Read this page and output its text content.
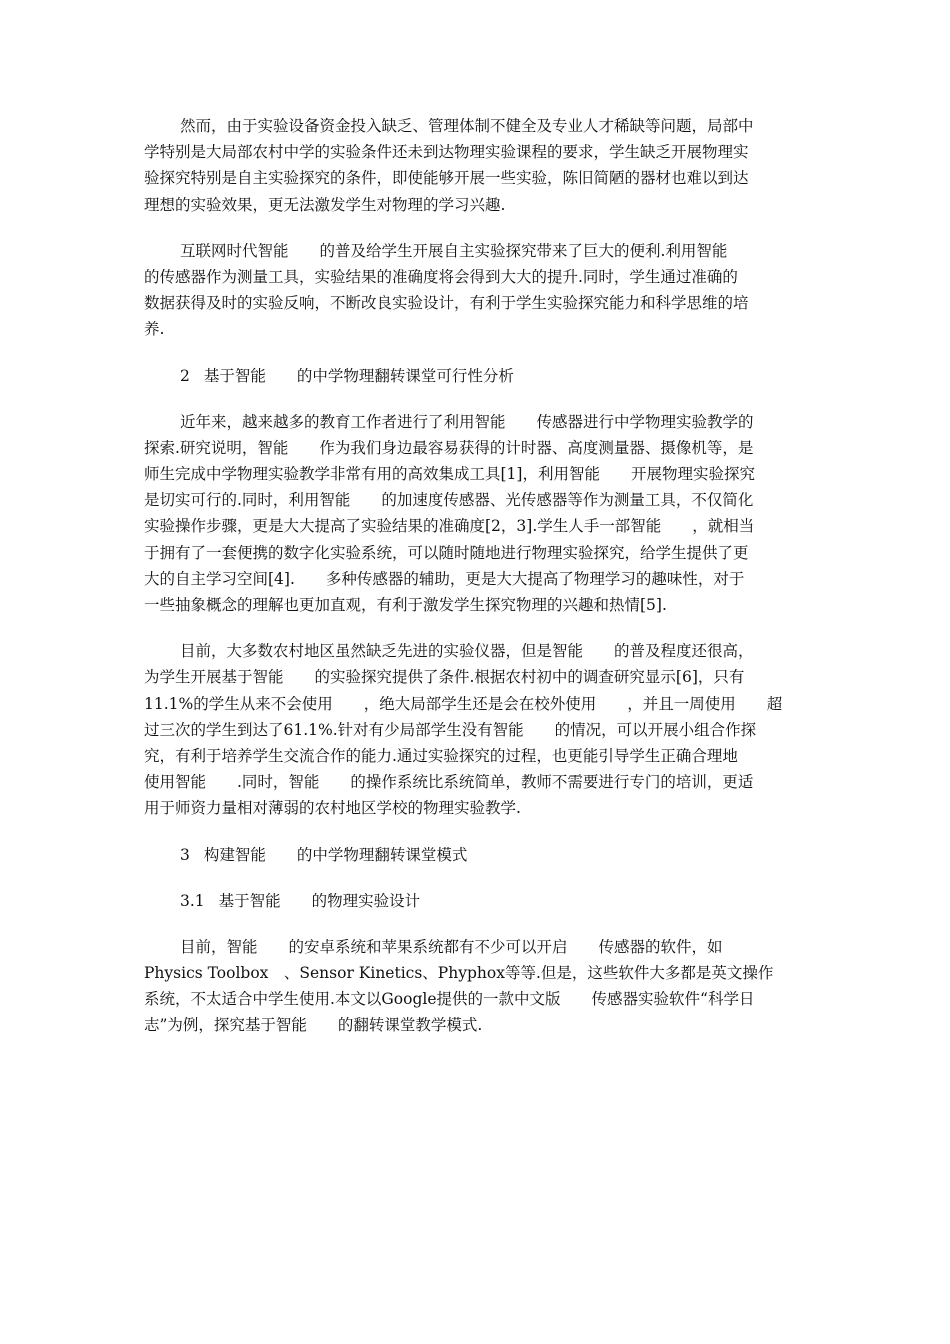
然而，由于实验设备资金投入缺乏、管理体制不健全及专业人才稀缺等问题，局部中
学特别是大局部农村中学的实验条件还未到达物理实验课程的要求，学生缺乏开展物理实
验探究特别是自主实验探究的条件，即使能够开展一些实验，陈旧简陋的器材也难以到达
理想的实验效果，更无法激发学生对物理的学习兴趣.
互联网时代智能　　的普及给学生开展自主实验探究带来了巨大的便利.利用智能
的传感器作为测量工具，实验结果的准确度将会得到大大的提升.同时，学生通过准确的
数据获得及时的实验反响，不断改良实验设计，有利于学生实验探究能力和科学思维的培
养.
2 基于智能　　的中学物理翻转课堂可行性分析
近年来，越来越多的教育工作者进行了利用智能　　传感器进行中学物理实验教学的
探索.研究说明，智能　　作为我们身边最容易获得的计时器、高度测量器、摄像机等，是
师生完成中学物理实验教学非常有用的高效集成工具[1]，利用智能　　开展物理实验探究
是切实可行的.同时，利用智能　　的加速度传感器、光传感器等作为测量工具，不仅简化
实验操作步骤，更是大大提高了实验结果的准确度[2，3].学生人手一部智能　　，就相当
于拥有了一套便携的数字化实验系统，可以随时随地进行物理实验探究，给学生提供了更
大的自主学习空间[4].　　多种传感器的辅助，更是大大提高了物理学习的趣味性，对于
一些抽象概念的理解也更加直观，有利于激发学生探究物理的兴趣和热情[5].
目前，大多数农村地区虽然缺乏先进的实验仪器，但是智能　　的普及程度还很高，
为学生开展基于智能　　的实验探究提供了条件.根据农村初中的调查研究显示[6]，只有
11.1%的学生从来不会使用　　，绝大局部学生还是会在校外使用　　，并且一周使用　　超
过三次的学生到达了61.1%.针对有少局部学生没有智能　　的情况，可以开展小组合作探
究，有利于培养学生交流合作的能力.通过实验探究的过程，也更能引导学生正确合理地
使用智能　　.同时，智能　　的操作系统比系统简单，教师不需要进行专门的培训，更适
用于师资力量相对薄弱的农村地区学校的物理实验教学.
3 构建智能　　的中学物理翻转课堂模式
3.1 基于智能　　的物理实验设计
目前，智能　　的安卓系统和苹果系统都有不少可以开启　　传感器的软件，如
Physics Toolbox　、Sensor Kinetics、Phyphox等等.但是，这些软件大多都是英文操作
系统，不太适合中学生使用.本文以Google提供的一款中文版　　传感器实验软件“科学日
志”为例，探究基于智能　　的翻转课堂教学模式.
